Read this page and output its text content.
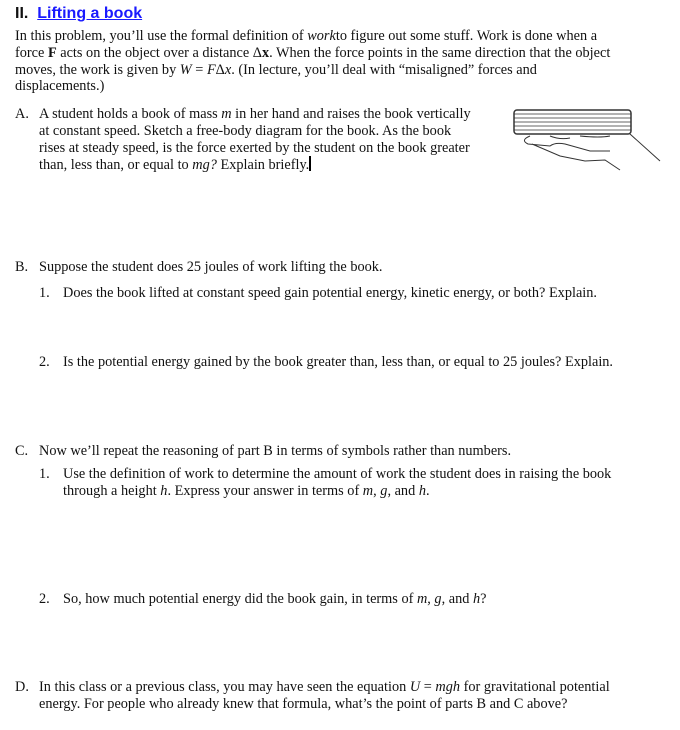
II. Lifting a book
In this problem, you’ll use the formal definition of workto figure out some stuff. Work is done when a
force F acts on the object over a distance Δx. When the force points in the same direction that the object
moves, the work is given by W = FΔx. (In lecture, you’ll deal with “misaligned” forces and
displacements.)
A. A student holds a book of mass m in her hand and raises the book vertically
at constant speed. Sketch a free-body diagram for the book. As the book
rises at steady speed, is the force exerted by the student on the book greater
than, less than, or equal to mg? Explain briefly.
B. Suppose the student does 25 joules of work lifting the book.
1. Does the book lifted at constant speed gain potential energy, kinetic energy, or both? Explain.
2. Is the potential energy gained by the book greater than, less than, or equal to 25 joules? Explain.
C. Now we’ll repeat the reasoning of part B in terms of symbols rather than numbers.
1. Use the definition of work to determine the amount of work the student does in raising the book
through a height h. Express your answer in terms of m, g, and h.
2. So, how much potential energy did the book gain, in terms of m, g, and h?
D. In this class or a previous class, you may have seen the equation U = mgh for gravitational potential
energy. For people who already knew that formula, what’s the point of parts B and C above?
